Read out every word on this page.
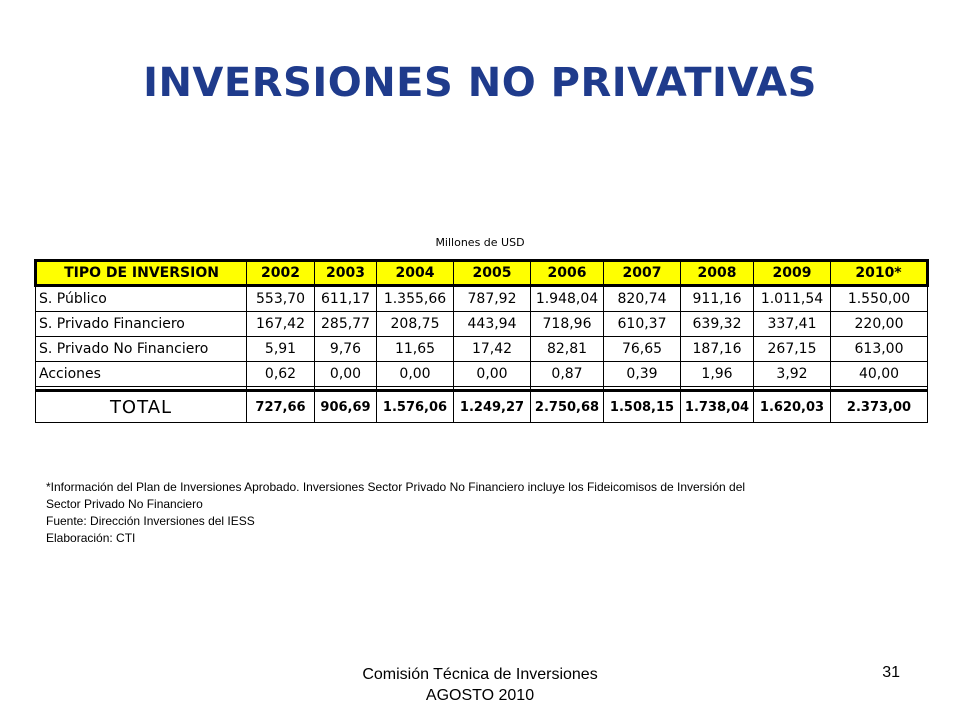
INVERSIONES NO PRIVATIVAS
Millones de USD
TIPO DE INVERSION	2002	2003	2004	2005	2006	2007	2008	2009	2010*
S. Público	553,70	611,17	1.355,66	787,92	1.948,04	820,74	911,16	1.011,54	1.550,00
S. Privado Financiero	167,42	285,77	208,75	443,94	718,96	610,37	639,32	337,41	220,00
S. Privado No Financiero	5,91	9,76	11,65	17,42	82,81	76,65	187,16	267,15	613,00
Acciones	0,62	0,00	0,00	0,00	0,87	0,39	1,96	3,92	40,00

TOTAL	727,66	906,69	1.576,06	1.249,27	2.750,68	1.508,15	1.738,04	1.620,03	2.373,00
*Información del Plan de Inversiones Aprobado. Inversiones Sector Privado No Financiero incluye los Fideicomisos de Inversión del
Sector Privado No Financiero
Fuente: Dirección Inversiones del IESS
Elaboración: CTI
Comisión Técnica de Inversiones
AGOSTO 2010
31
